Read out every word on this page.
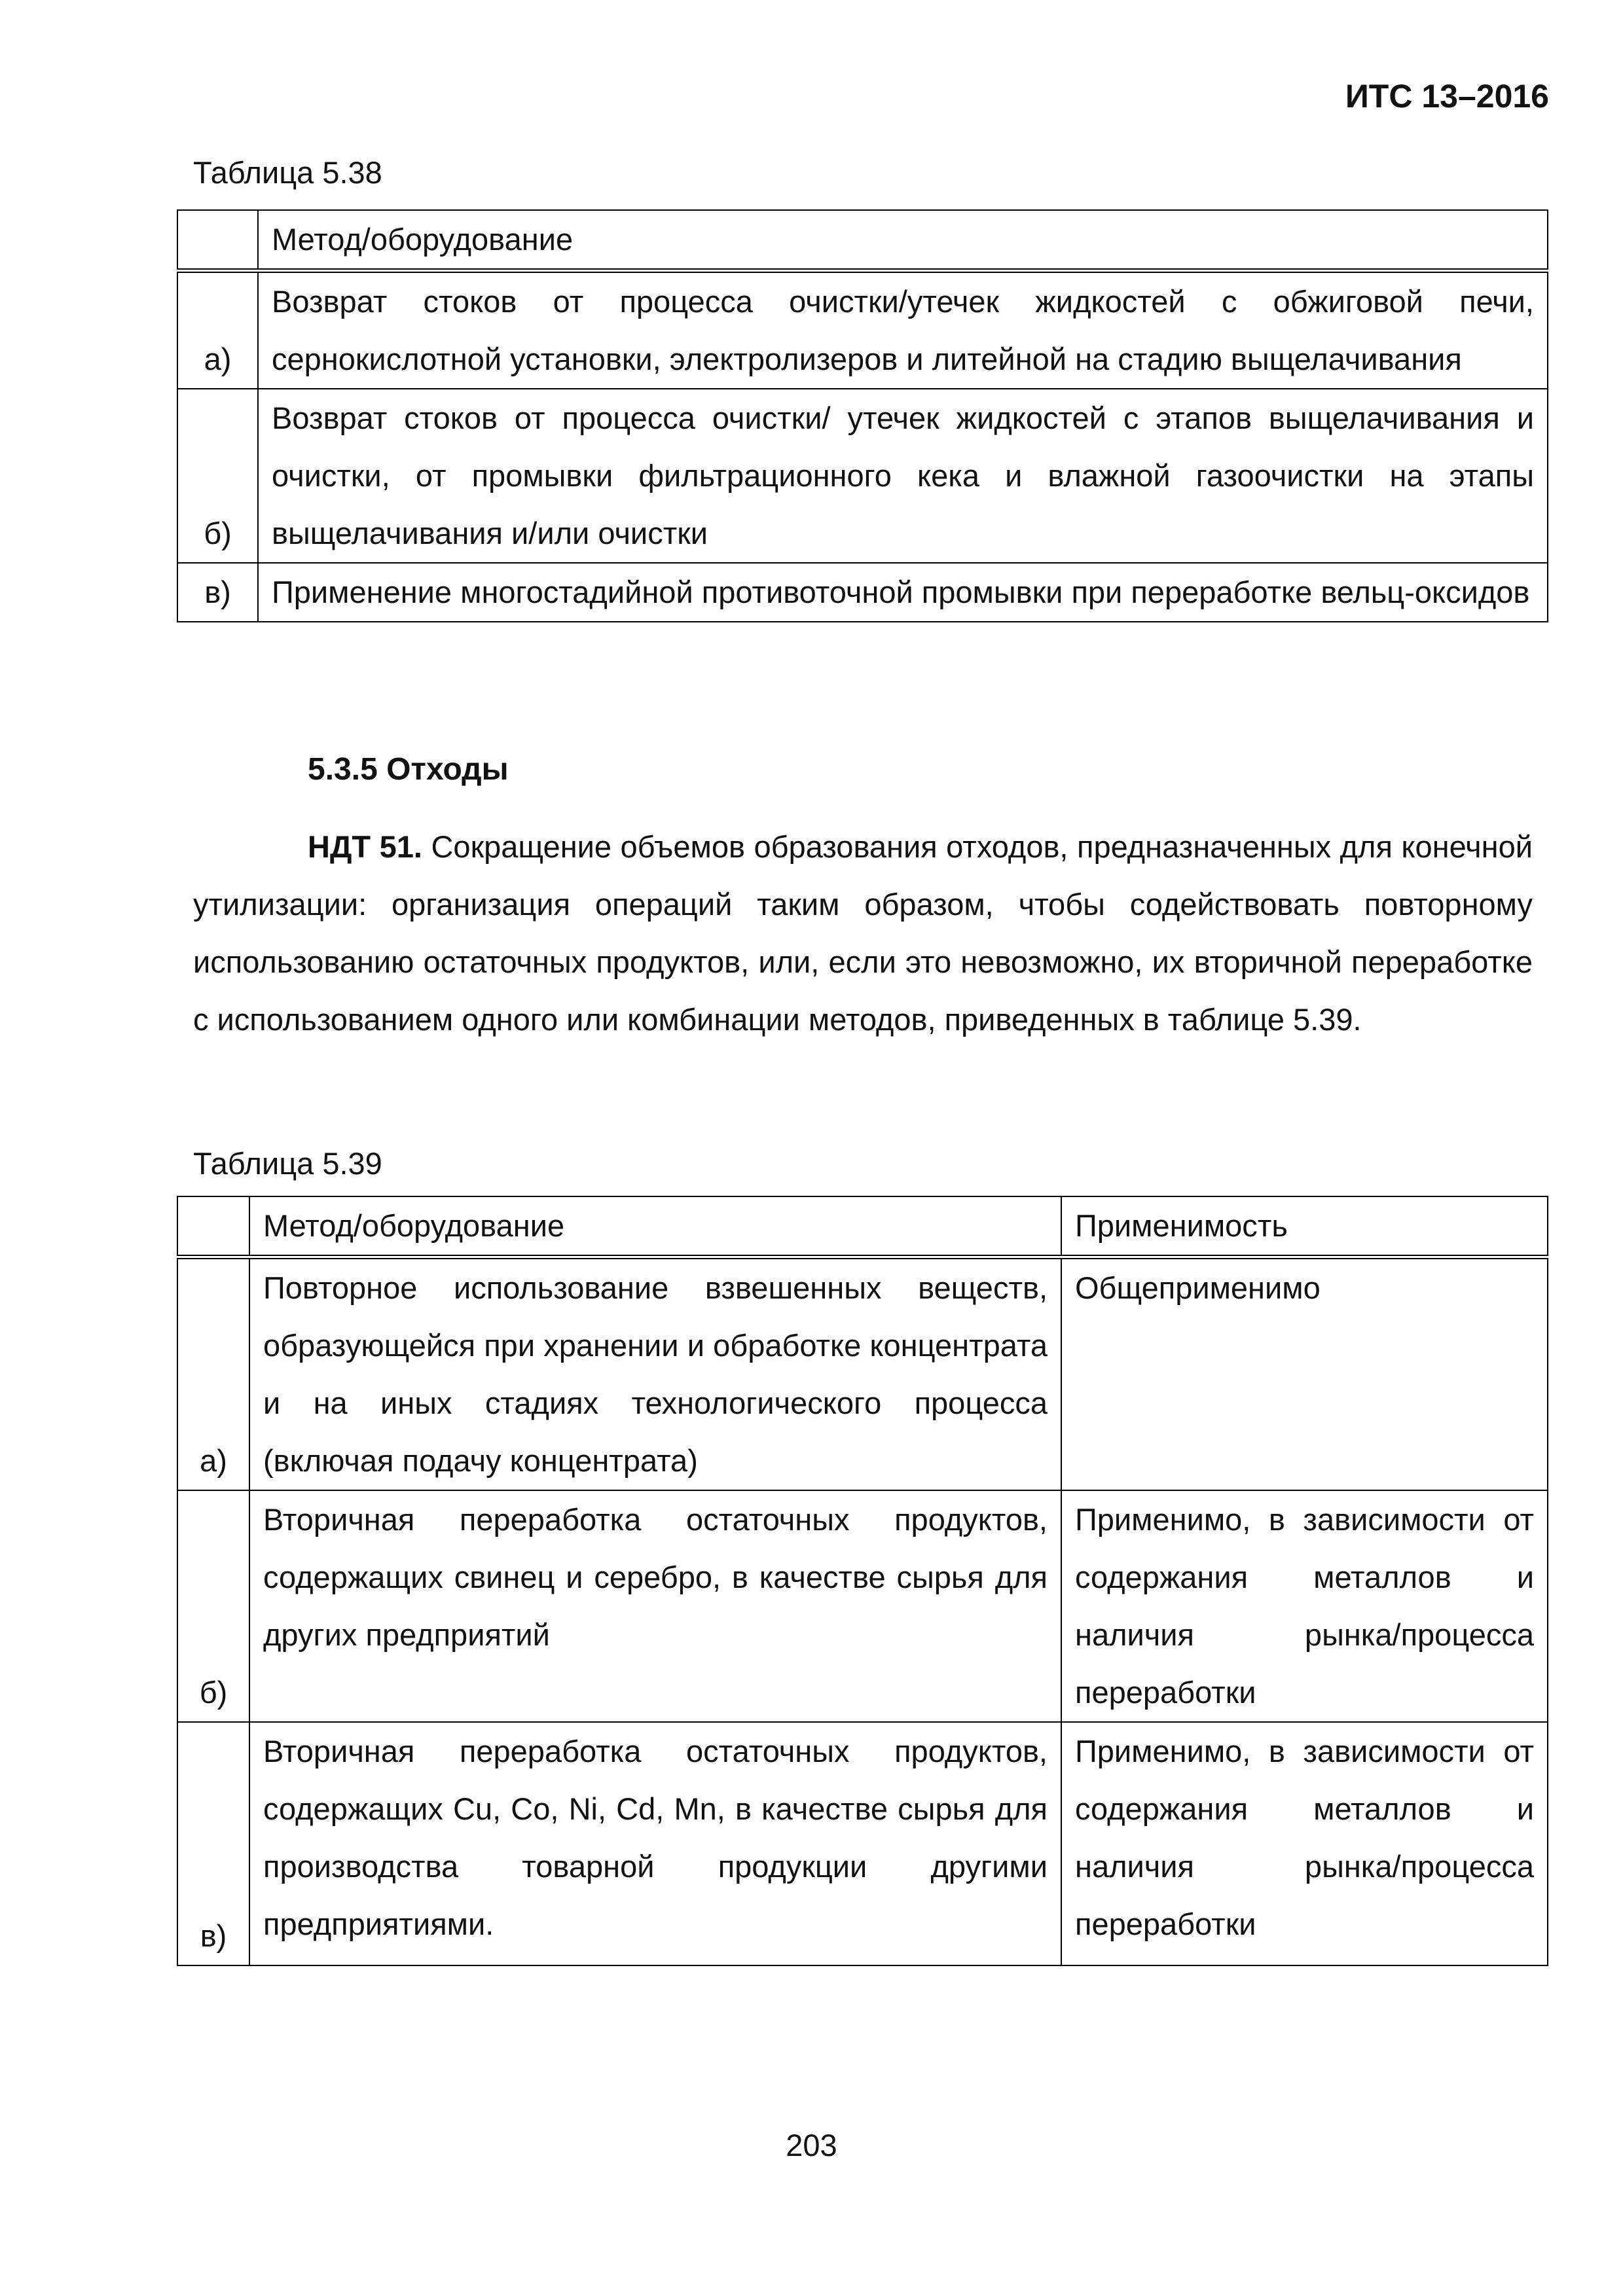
ИТС 13–2016
Таблица 5.38
	Метод/оборудование
а)	Возврат стоков от процесса очистки/утечек жидкостей с обжиговой печи, сернокислотной установки, электролизеров и литейной на стадию выщелачивания
б)	Возврат стоков от процесса очистки/ утечек жидкостей с этапов выщелачивания и очистки, от промывки фильтрационного кека и влажной газоочистки на этапы выщелачивания и/или очистки
в)	Применение многостадийной противоточной промывки при переработке вельц-оксидов
5.3.5 Отходы

НДТ 51. Сокращение объемов образования отходов, предназначенных для конечной утилизации: организация операций таким образом, чтобы содействовать повторному использованию остаточных продуктов, или, если это невозможно, их вторичной переработке с использованием одного или комбинации методов, приведенных в таблице 5.39.

Таблица 5.39
	Метод/оборудование	Применимость
а)	Повторное использование взвешенных веществ, образующейся при хранении и обработке концентрата и на иных стадиях технологического процесса (включая подачу концентрата)	Общеприменимо
б)	Вторичная переработка остаточных продуктов, содержащих свинец и серебро, в качестве сырья для других предприятий	Применимо, в зависимости от содержания металлов и наличия рынка/процесса переработки
в)	Вторичная переработка остаточных продуктов, содержащих Cu, Co, Ni, Cd, Mn, в качестве сырья для производства товарной продукции другими предприятиями.	Применимо, в зависимости от содержания металлов и наличия рынка/процесса переработки
203
